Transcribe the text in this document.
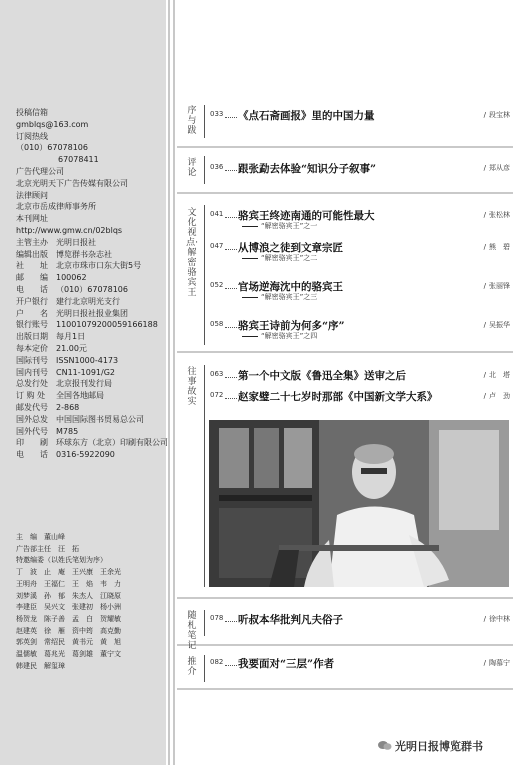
投稿信箱
gmblqs@163.com
订阅热线
（010）67078106
67078411
广告代理公司
北京光明天下广告传媒有限公司
法律顾问
北京市岳成律师事务所
本刊网址
http://www.gmw.cn/02blqs
主管主办 光明日报社
编辑出版 博览群书杂志社
社　　址 北京市珠市口东大街5号
邮　　编 100062
电　　话 （010）67078106
开户银行 建行北京明光支行
户　　名 光明日报社报业集团
银行账号 11001079200059166188
出版日期 每月1日
每本定价 21.00元
国际刊号 ISSN1000-4173
国内刊号 CN11-1091/G2
总发行处 北京报刊发行局
订 购 处 全国各地邮局
邮发代号 2-868
国外总发 中国国际图书贸易总公司
国外代号 M785
印　　刷 环球东方（北京）印刷有限公司
电　　话 0316-5922090
主　编　董山峰
广告部主任　汪　拓
特邀编委（以姓氏笔划为序）
丁　波　止　庵　王兴康　王余光
王明舟　王福仁　王　焰　韦　力
刘梦溪　孙　郁　朱杰人　江晓原
李建臣　吴兴文　张建初　杨小洲
杨贺龙　陈子善　孟　白　贺耀敏
赵建英　徐　雁　资中筠　高克勤
郭英剑　常绍民　黄书元　黄　旭
温儒敏　葛兆光　葛剑雄　董宁文
韩建民　解玺璋
序与跋
033 《点石斋画报》里的中国力量	/ 段宝林
评论
036 跟张勐去体验“知识分子叙事”	/ 郑从彦
文化视点·解密骆宾王
041 骆宾王终迹南通的可能性最大	/ 张松林
“解密骆宾王”之一
047 从博浪之徒到文章宗匠	/ 熊　碧
“解密骆宾王”之二
052 官场逆海沈中的骆宾王	/ 张丽锋
“解密骆宾王”之三
058 骆宾王诗前为何多“序”	/ 吴振华
“解密骆宾王”之四
往事故实
063 第一个中文版《鲁迅全集》送审之后	/ 北　塔
072 赵家璧二十七岁时那部《中国新文学大系》	/ 卢　劲
随札笔记
078 听叔本华批判凡夫俗子	/ 徐中林
推介
082 我要面对“三层”作者	/ 陶慕宁
光明日报博览群书
